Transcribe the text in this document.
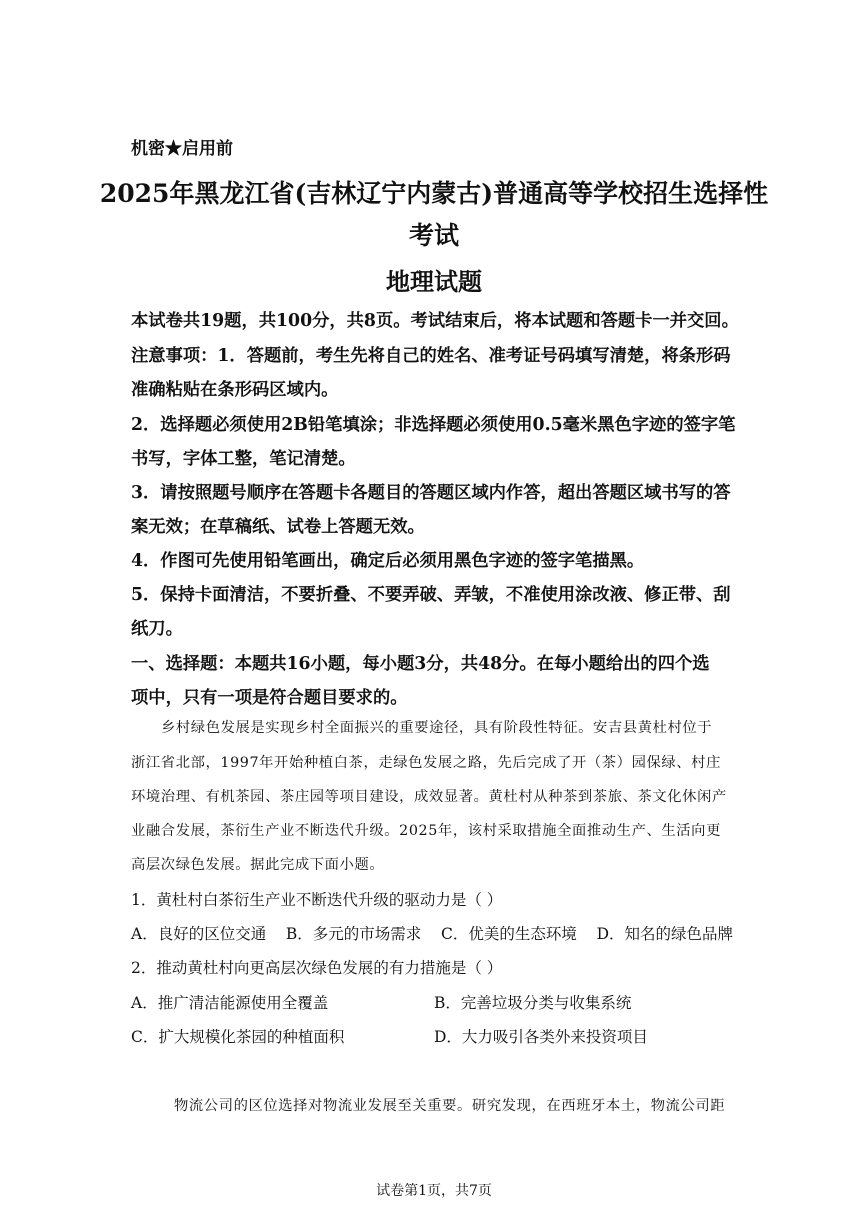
机密★启用前
2025年黑龙江省(吉林辽宁内蒙古)普通高等学校招生选择性
考试
地理试题
本试卷共19题，共100分，共8页。考试结束后，将本试题和答题卡一并交回。
注意事项：1．答题前，考生先将自己的姓名、准考证号码填写清楚，将条形码
准确粘贴在条形码区域内。
2．选择题必须使用2B铅笔填涂；非选择题必须使用0.5毫米黑色字迹的签字笔
书写，字体工整，笔记清楚。
3．请按照题号顺序在答题卡各题目的答题区域内作答，超出答题区域书写的答
案无效；在草稿纸、试卷上答题无效。
4．作图可先使用铅笔画出，确定后必须用黑色字迹的签字笔描黑。
5．保持卡面清洁，不要折叠、不要弄破、弄皱，不准使用涂改液、修正带、刮
纸刀。
一、选择题：本题共16小题，每小题3分，共48分。在每小题给出的四个选
项中，只有一项是符合题目要求的。
乡村绿色发展是实现乡村全面振兴的重要途径，具有阶段性特征。安吉县黄杜村位于
浙江省北部，1997年开始种植白茶，走绿色发展之路，先后完成了开（茶）园保绿、村庄
环境治理、有机茶园、茶庄园等项目建设，成效显著。黄杜村从种茶到茶旅、茶文化休闲产
业融合发展，茶衍生产业不断迭代升级。2025年，该村采取措施全面推动生产、生活向更
高层次绿色发展。据此完成下面小题。
1．黄杜村白茶衍生产业不断迭代升级的驱动力是（ ）
A．良好的区位交通    B．多元的市场需求    C．优美的生态环境    D．知名的绿色品牌
2．推动黄杜村向更高层次绿色发展的有力措施是（ ）
A．推广清洁能源使用全覆盖	B．完善垃圾分类与收集系统
C．扩大规模化茶园的种植面积	D．大力吸引各类外来投资项目
物流公司的区位选择对物流业发展至关重要。研究发现，在西班牙本土，物流公司距
试卷第1页，共7页
